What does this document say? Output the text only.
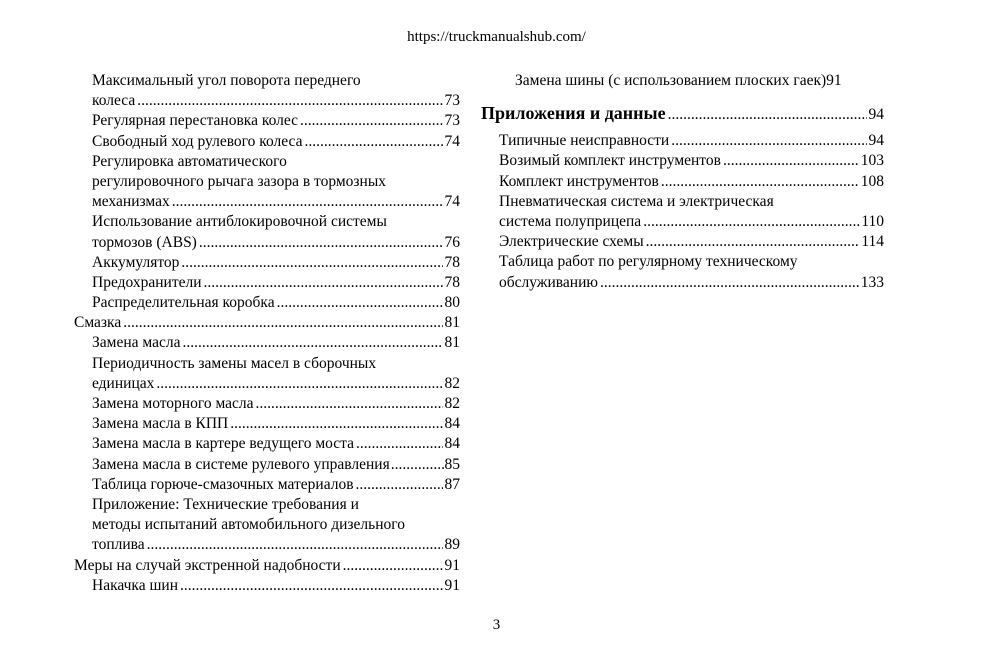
https://truckmanualshub.com/
Максимальный угол поворота переднего
колеса .....	73
Регулярная перестановка колес .....	73
Свободный ход рулевого колеса .....	74
Регулировка автоматического
регулировочного рычага зазора в тормозных
механизмах .....	74
Использование антиблокировочной системы
тормозов (ABS) .....	76
Аккумулятор .....	78
Предохранители .....	78
Распределительная коробка .....	80
Смазка .....	81
Замена масла .....	81
Периодичность замены масел в сборочных
единицах .....	82
Замена моторного масла .....	82
Замена масла в КПП .....	84
Замена масла в картере ведущего моста .....	84
Замена масла в системе рулевого управления .....	85
Таблица горюче-смазочных материалов .....	87
Приложение: Технические требования и
методы испытаний автомобильного дизельного
топлива .....	89
Меры на случай экстренной надобности .....	91
Накачка шин .....	91
Замена шины (с использованием плоских гаек) 91
Приложения и данные .....	94
Типичные неисправности .....	94
Возимый комплект инструментов .....	103
Комплект инструментов .....	108
Пневматическая система и электрическая
система полуприцепа .....	110
Электрические схемы .....	114
Таблица работ по регулярному техническому
обслуживанию .....	133
3
